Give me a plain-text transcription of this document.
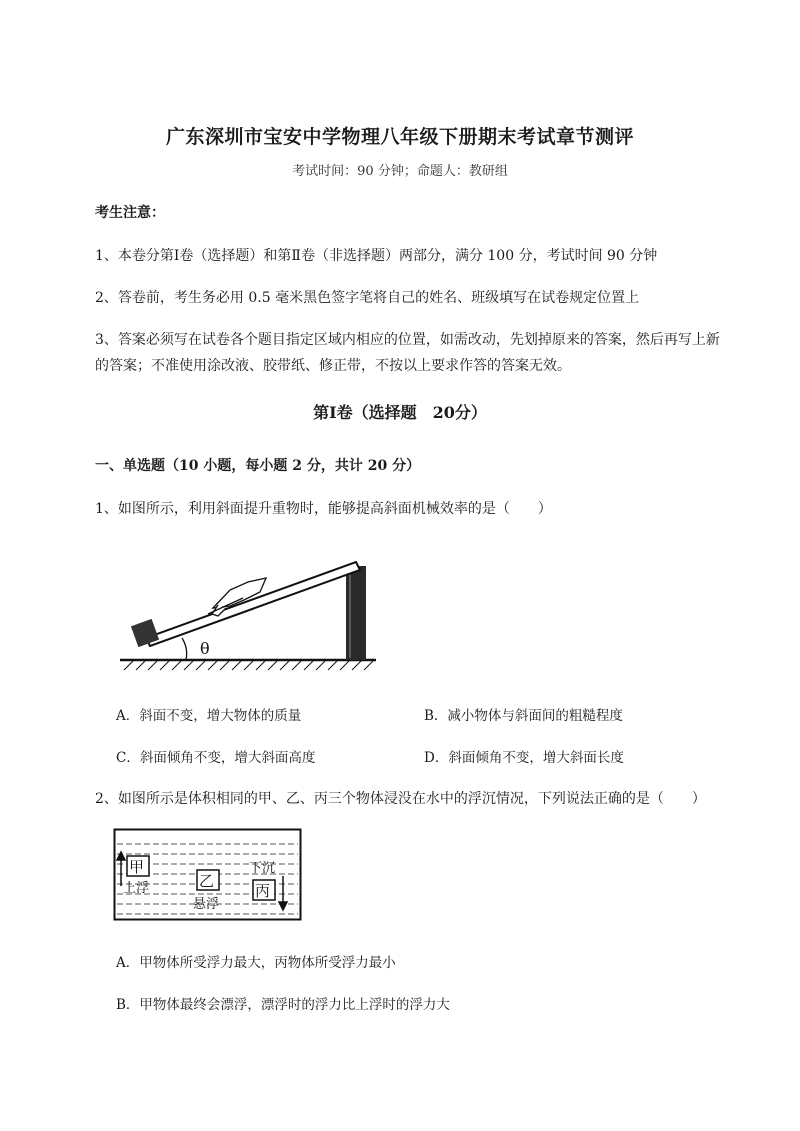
广东深圳市宝安中学物理八年级下册期末考试章节测评
考试时间：90 分钟；命题人：教研组
考生注意：
1、本卷分第Ⅰ卷（选择题）和第Ⅱ卷（非选择题）两部分，满分 100 分，考试时间 90 分钟
2、答卷前，考生务必用 0.5 毫米黑色签字笔将自己的姓名、班级填写在试卷规定位置上
3、答案必须写在试卷各个题目指定区域内相应的位置，如需改动，先划掉原来的答案，然后再写上新
的答案；不准使用涂改液、胶带纸、修正带，不按以上要求作答的答案无效。
第Ⅰ卷（选择题　20分）
一、单选题（10 小题，每小题 2 分，共计 20 分）
1、如图所示，利用斜面提升重物时，能够提高斜面机械效率的是（　　）
θ
A．斜面不变，增大物体的质量	B．减小物体与斜面间的粗糙程度
C．斜面倾角不变，增大斜面高度	D．斜面倾角不变，增大斜面长度
2、如图所示是体积相同的甲、乙、丙三个物体浸没在水中的浮沉情况，下列说法正确的是（　　）
甲
上浮	乙
悬浮
下沉
丙
A．甲物体所受浮力最大，丙物体所受浮力最小
B．甲物体最终会漂浮，漂浮时的浮力比上浮时的浮力大
